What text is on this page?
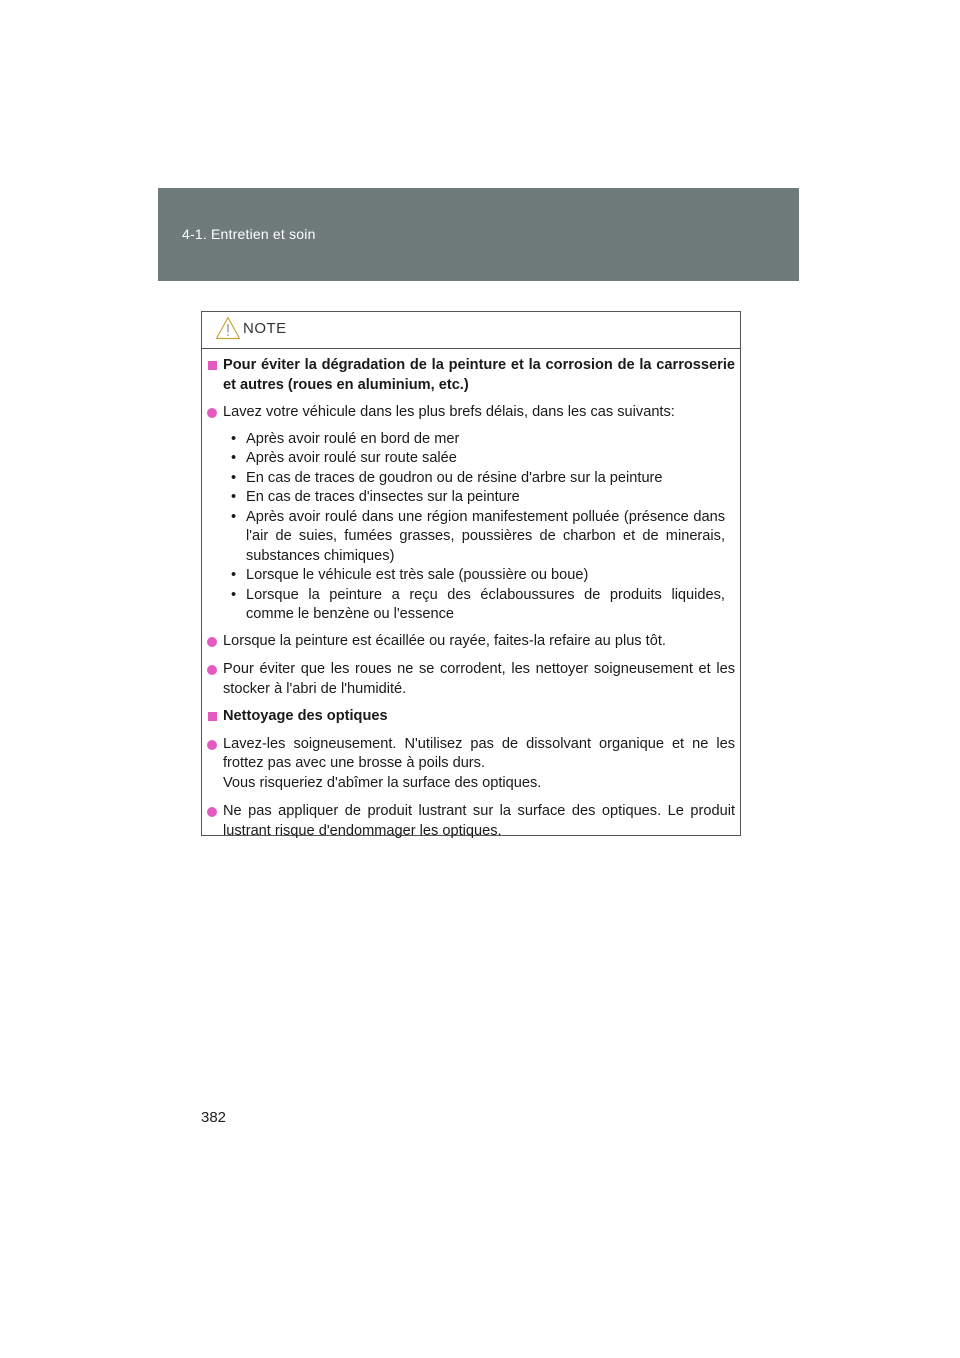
4-1. Entretien et soin
NOTE
Pour éviter la dégradation de la peinture et la corrosion de la carrosserie et autres (roues en aluminium, etc.)
Lavez votre véhicule dans les plus brefs délais, dans les cas suivants:
• Après avoir roulé en bord de mer
• Après avoir roulé sur route salée
• En cas de traces de goudron ou de résine d'arbre sur la peinture
• En cas de traces d'insectes sur la peinture
• Après avoir roulé dans une région manifestement polluée (présence dans l'air de suies, fumées grasses, poussières de charbon et de minerais, substances chimiques)
• Lorsque le véhicule est très sale (poussière ou boue)
• Lorsque la peinture a reçu des éclaboussures de produits liquides, comme le benzène ou l'essence
Lorsque la peinture est écaillée ou rayée, faites-la refaire au plus tôt.
Pour éviter que les roues ne se corrodent, les nettoyer soigneusement et les stocker à l'abri de l'humidité.
Nettoyage des optiques
Lavez-les soigneusement. N'utilisez pas de dissolvant organique et ne les frottez pas avec une brosse à poils durs.
Vous risqueriez d'abîmer la surface des optiques.
Ne pas appliquer de produit lustrant sur la surface des optiques. Le produit lustrant risque d'endommager les optiques.
382
